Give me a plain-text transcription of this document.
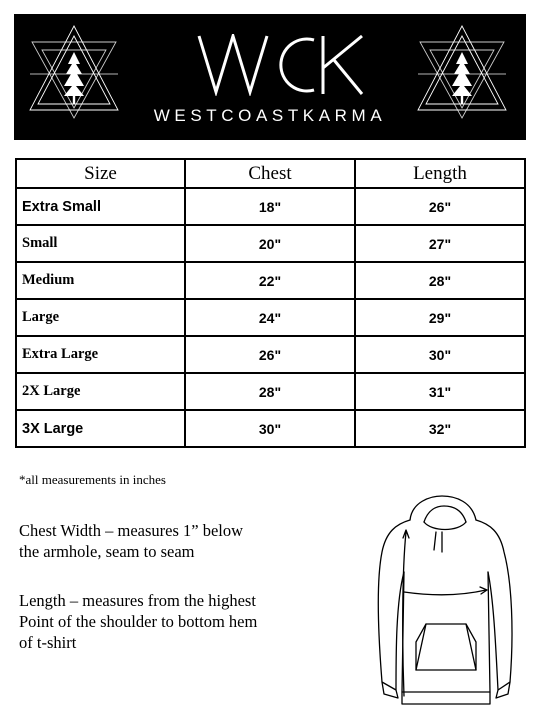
WESTCOASTKARMA
Size	Chest	Length
Extra Small	18"	26"
Small	20"	27"
Medium	22"	28"
Large	24"	29"
Extra Large	26"	30"
2X Large	28"	31"
3X Large	30"	32"
*all measurements in inches
Chest Width – measures 1” below
the armhole, seam to seam
Length – measures from the highest
Point of the shoulder to bottom hem
of t-shirt
